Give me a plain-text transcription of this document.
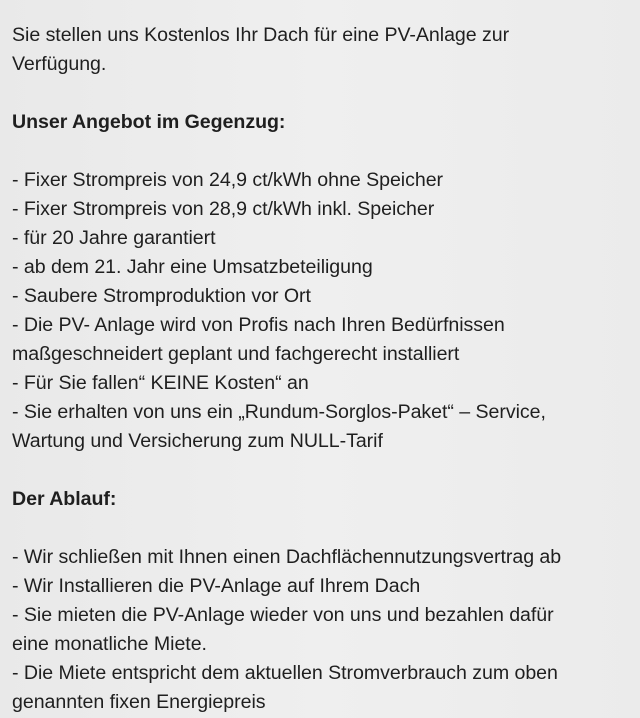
Sie stellen uns Kostenlos Ihr Dach für eine PV-Anlage zur
Verfügung.
Unser Angebot im Gegenzug:
- Fixer Strompreis von 24,9 ct/kWh ohne Speicher
- Fixer Strompreis von 28,9 ct/kWh inkl. Speicher
- für 20 Jahre garantiert
- ab dem 21. Jahr eine Umsatzbeteiligung
- Saubere Stromproduktion vor Ort
- Die PV- Anlage wird von Profis nach Ihren Bedürfnissen
maßgeschneidert geplant und fachgerecht installiert
- Für Sie fallen“ KEINE Kosten“ an
- Sie erhalten von uns ein „Rundum-Sorglos-Paket“ – Service,
Wartung und Versicherung zum NULL-Tarif
Der Ablauf:
- Wir schließen mit Ihnen einen Dachflächennutzungsvertrag ab
- Wir Installieren die PV-Anlage auf Ihrem Dach
- Sie mieten die PV-Anlage wieder von uns und bezahlen dafür
eine monatliche Miete.
- Die Miete entspricht dem aktuellen Stromverbrauch zum oben
genannten fixen Energiepreis
